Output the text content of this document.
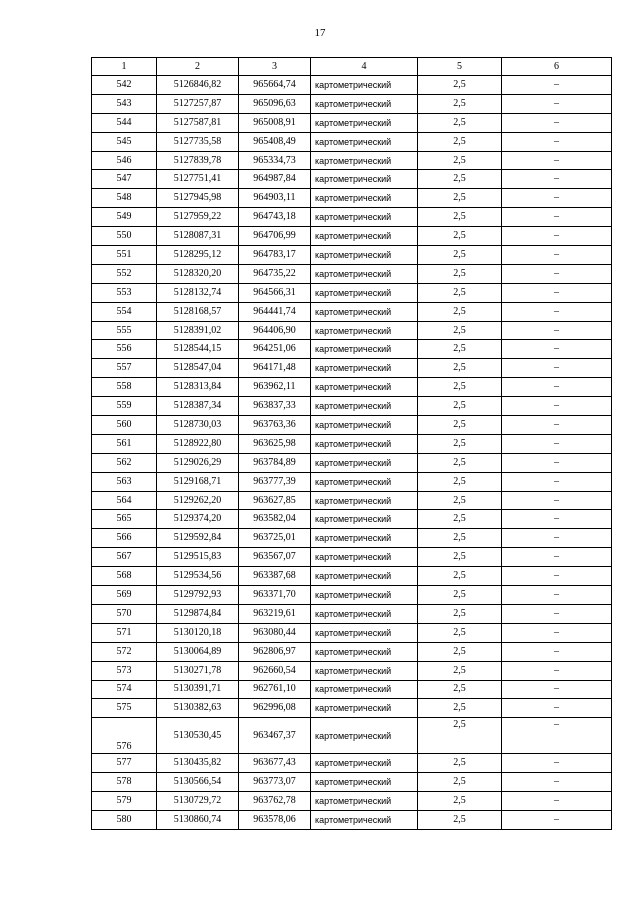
17
1	2	3	4	5	6
542	5126846,82	965664,74	картометрический	2,5	–
543	5127257,87	965096,63	картометрический	2,5	–
544	5127587,81	965008,91	картометрический	2,5	–
545	5127735,58	965408,49	картометрический	2,5	–
546	5127839,78	965334,73	картометрический	2,5	–
547	5127751,41	964987,84	картометрический	2,5	–
548	5127945,98	964903,11	картометрический	2,5	–
549	5127959,22	964743,18	картометрический	2,5	–
550	5128087,31	964706,99	картометрический	2,5	–
551	5128295,12	964783,17	картометрический	2,5	–
552	5128320,20	964735,22	картометрический	2,5	–
553	5128132,74	964566,31	картометрический	2,5	–
554	5128168,57	964441,74	картометрический	2,5	–
555	5128391,02	964406,90	картометрический	2,5	–
556	5128544,15	964251,06	картометрический	2,5	–
557	5128547,04	964171,48	картометрический	2,5	–
558	5128313,84	963962,11	картометрический	2,5	–
559	5128387,34	963837,33	картометрический	2,5	–
560	5128730,03	963763,36	картометрический	2,5	–
561	5128922,80	963625,98	картометрический	2,5	–
562	5129026,29	963784,89	картометрический	2,5	–
563	5129168,71	963777,39	картометрический	2,5	–
564	5129262,20	963627,85	картометрический	2,5	–
565	5129374,20	963582,04	картометрический	2,5	–
566	5129592,84	963725,01	картометрический	2,5	–
567	5129515,83	963567,07	картометрический	2,5	–
568	5129534,56	963387,68	картометрический	2,5	–
569	5129792,93	963371,70	картометрический	2,5	–
570	5129874,84	963219,61	картометрический	2,5	–
571	5130120,18	963080,44	картометрический	2,5	–
572	5130064,89	962806,97	картометрический	2,5	–
573	5130271,78	962660,54	картометрический	2,5	–
574	5130391,71	962761,10	картометрический	2,5	–
575	5130382,63	962996,08	картометрический	2,5	–
576	5130530,45	963467,37	картометрический	2,5	–
577	5130435,82	963677,43	картометрический	2,5	–
578	5130566,54	963773,07	картометрический	2,5	–
579	5130729,72	963762,78	картометрический	2,5	–
580	5130860,74	963578,06	картометрический	2,5	–
